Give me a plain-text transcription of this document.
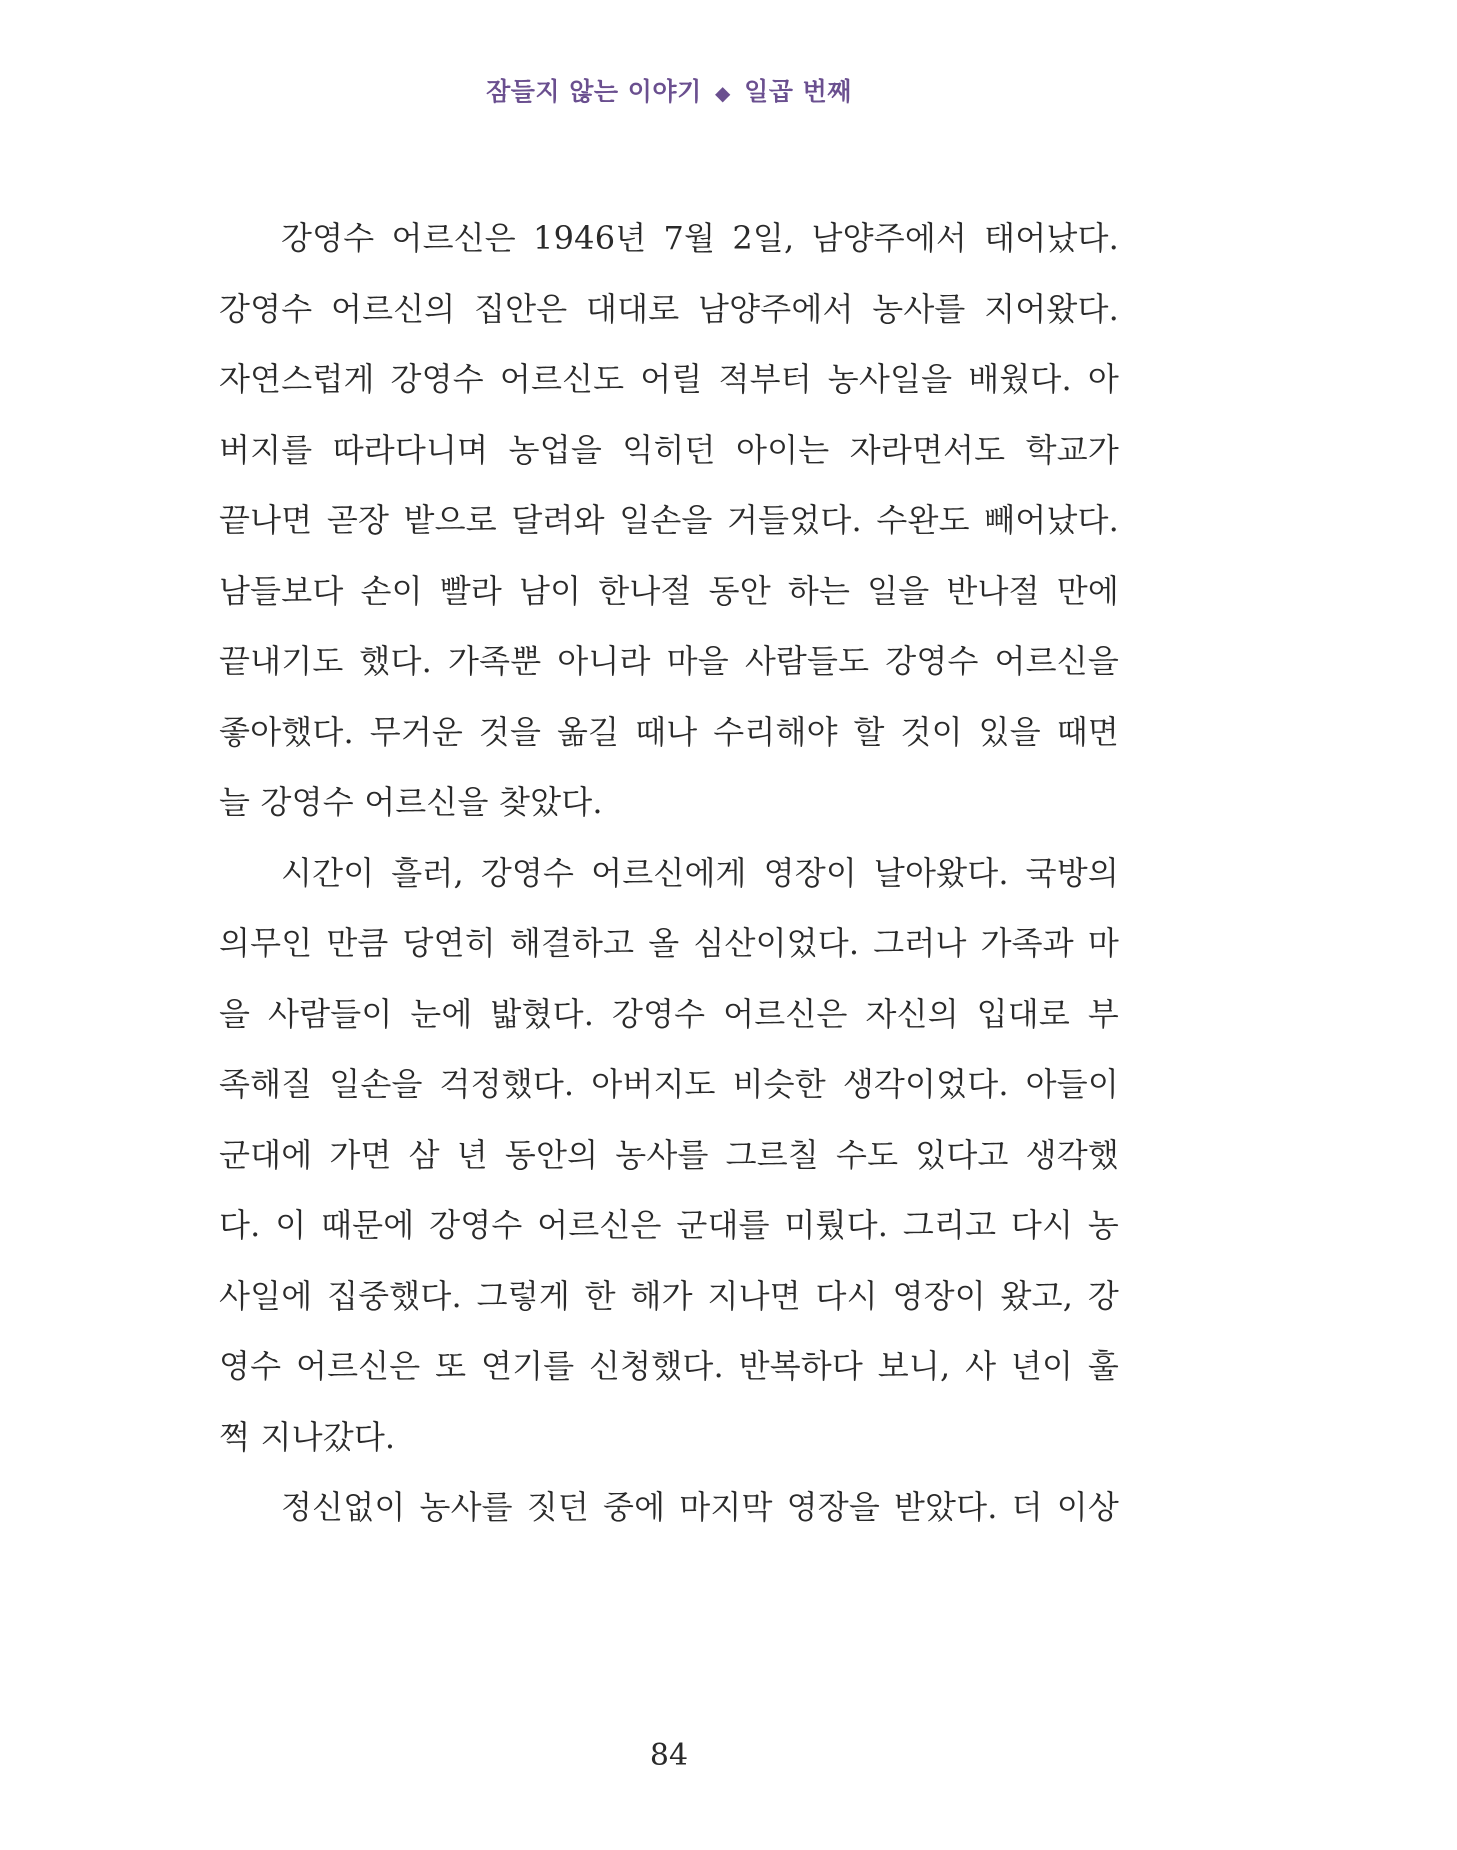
잠들지 않는 이야기 ◆ 일곱 번째
강영수 어르신은 1946년 7월 2일, 남양주에서 태어났다.
강영수 어르신의 집안은 대대로 남양주에서 농사를 지어왔다.
자연스럽게 강영수 어르신도 어릴 적부터 농사일을 배웠다. 아
버지를 따라다니며 농업을 익히던 아이는 자라면서도 학교가
끝나면 곧장 밭으로 달려와 일손을 거들었다. 수완도 빼어났다.
남들보다 손이 빨라 남이 한나절 동안 하는 일을 반나절 만에
끝내기도 했다. 가족뿐 아니라 마을 사람들도 강영수 어르신을
좋아했다. 무거운 것을 옮길 때나 수리해야 할 것이 있을 때면
늘 강영수 어르신을 찾았다.
시간이 흘러, 강영수 어르신에게 영장이 날아왔다. 국방의
의무인 만큼 당연히 해결하고 올 심산이었다. 그러나 가족과 마
을 사람들이 눈에 밟혔다. 강영수 어르신은 자신의 입대로 부
족해질 일손을 걱정했다. 아버지도 비슷한 생각이었다. 아들이
군대에 가면 삼 년 동안의 농사를 그르칠 수도 있다고 생각했
다. 이 때문에 강영수 어르신은 군대를 미뤘다. 그리고 다시 농
사일에 집중했다. 그렇게 한 해가 지나면 다시 영장이 왔고, 강
영수 어르신은 또 연기를 신청했다. 반복하다 보니, 사 년이 훌
쩍 지나갔다.
정신없이 농사를 짓던 중에 마지막 영장을 받았다. 더 이상
84
